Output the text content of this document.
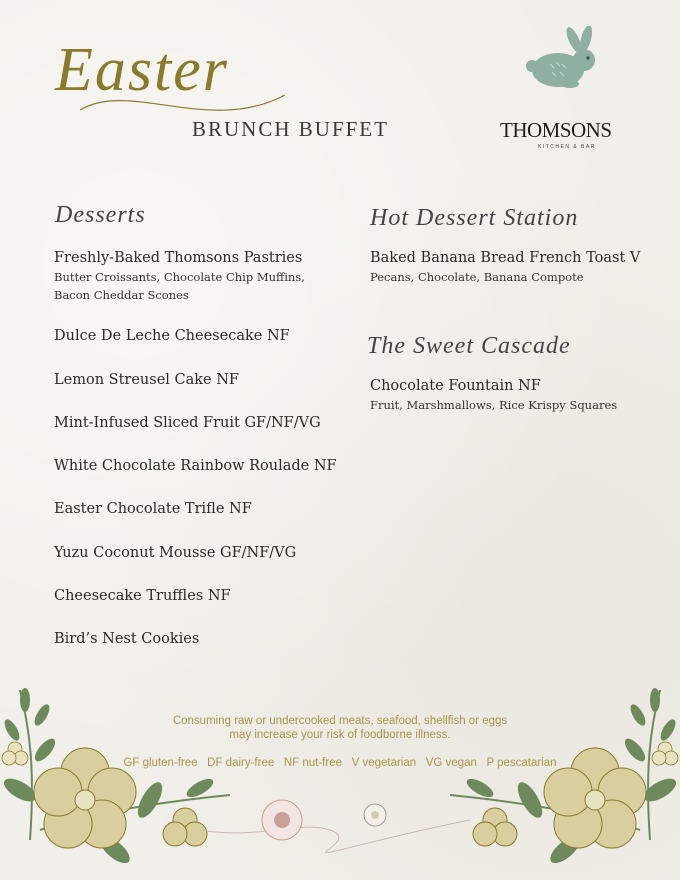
Easter
BRUNCH BUFFET	THOMSONS
KITCHEN & BAR
Desserts
Freshly-Baked Thomsons Pastries
Butter Croissants, Chocolate Chip Muffins,
Bacon Cheddar Scones
Dulce De Leche Cheesecake NF
Lemon Streusel Cake NF
Mint-Infused Sliced Fruit GF/NF/VG
White Chocolate Rainbow Roulade NF
Easter Chocolate Trifle NF
Yuzu Coconut Mousse GF/NF/VG
Cheesecake Truffles NF
Bird’s Nest Cookies
Hot Dessert Station
Baked Banana Bread French Toast V
Pecans, Chocolate, Banana Compote
The Sweet Cascade
Chocolate Fountain NF
Fruit, Marshmallows, Rice Krispy Squares
Consuming raw or undercooked meats, seafood, shellfish or eggs
may increase your risk of foodborne illness.
GF gluten-free   DF dairy-free   NF nut-free   V vegetarian   VG vegan   P pescatarian
